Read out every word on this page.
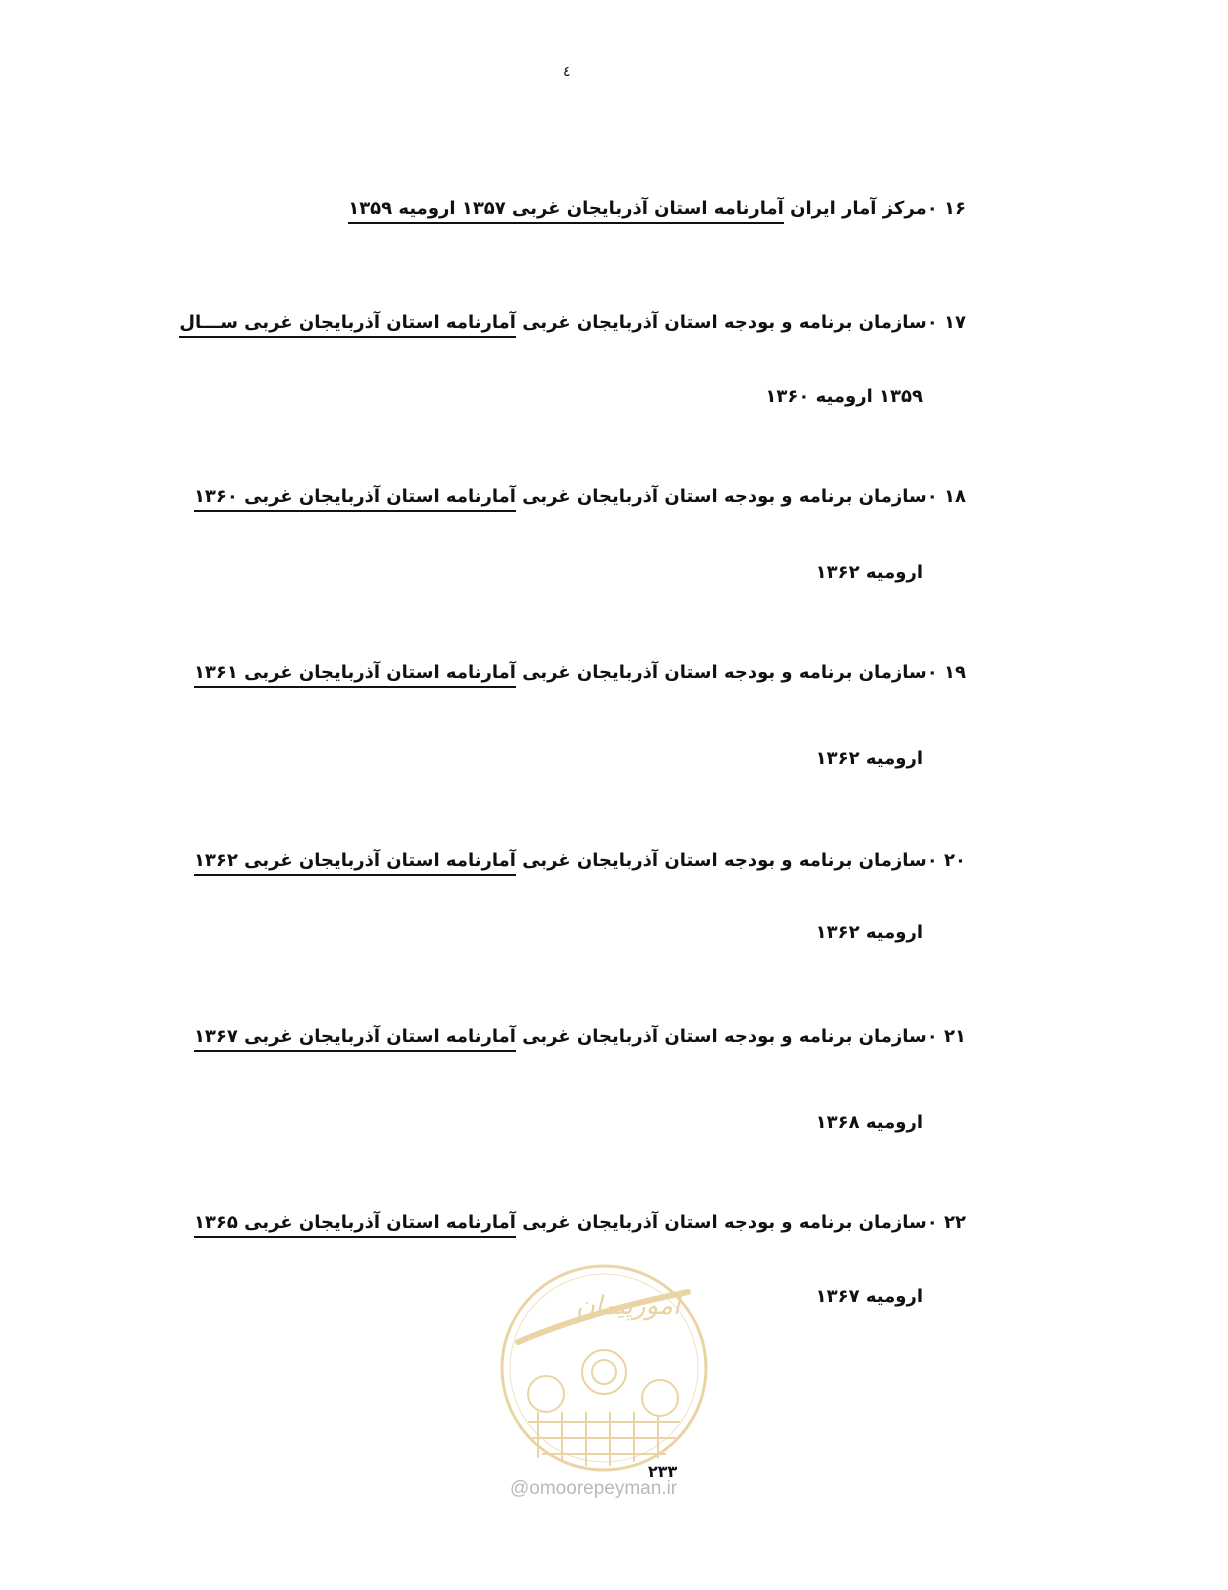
٤
۱۶ ۰مرکز آمار ایران آمارنامه استان آذربایجان غربی ۱۳۵۷ ارومیه ۱۳۵۹
۱۷ ۰سازمان برنامه و بودجه استان آذربایجان غربی آمارنامه استان آذربایجان غربی ســـال
۱۳۵۹ ارومیه ۱۳۶۰
۱۸ ۰سازمان برنامه و بودجه استان آذربایجان غربی آمارنامه استان آذربایجان غربی ۱۳۶۰
ارومیه ۱۳۶۲
۱۹ ۰سازمان برنامه و بودجه استان آذربایجان غربی آمارنامه استان آذربایجان غربی ۱۳۶۱
ارومیه ۱۳۶۲
۲۰ ۰سازمان برنامه و بودجه استان آذربایجان غربی آمارنامه استان آذربایجان غربی ۱۳۶۲
ارومیه ۱۳۶۲
۲۱ ۰سازمان برنامه و بودجه استان آذربایجان غربی آمارنامه استان آذربایجان غربی ۱۳۶۷
ارومیه ۱۳۶۸
۲۲ ۰سازمان برنامه و بودجه استان آذربایجان غربی آمارنامه استان آذربایجان غربی ۱۳۶۵
ارومیه ۱۳۶۷
امورپیمان
۲۳۳
@omoorepeyman.ir
